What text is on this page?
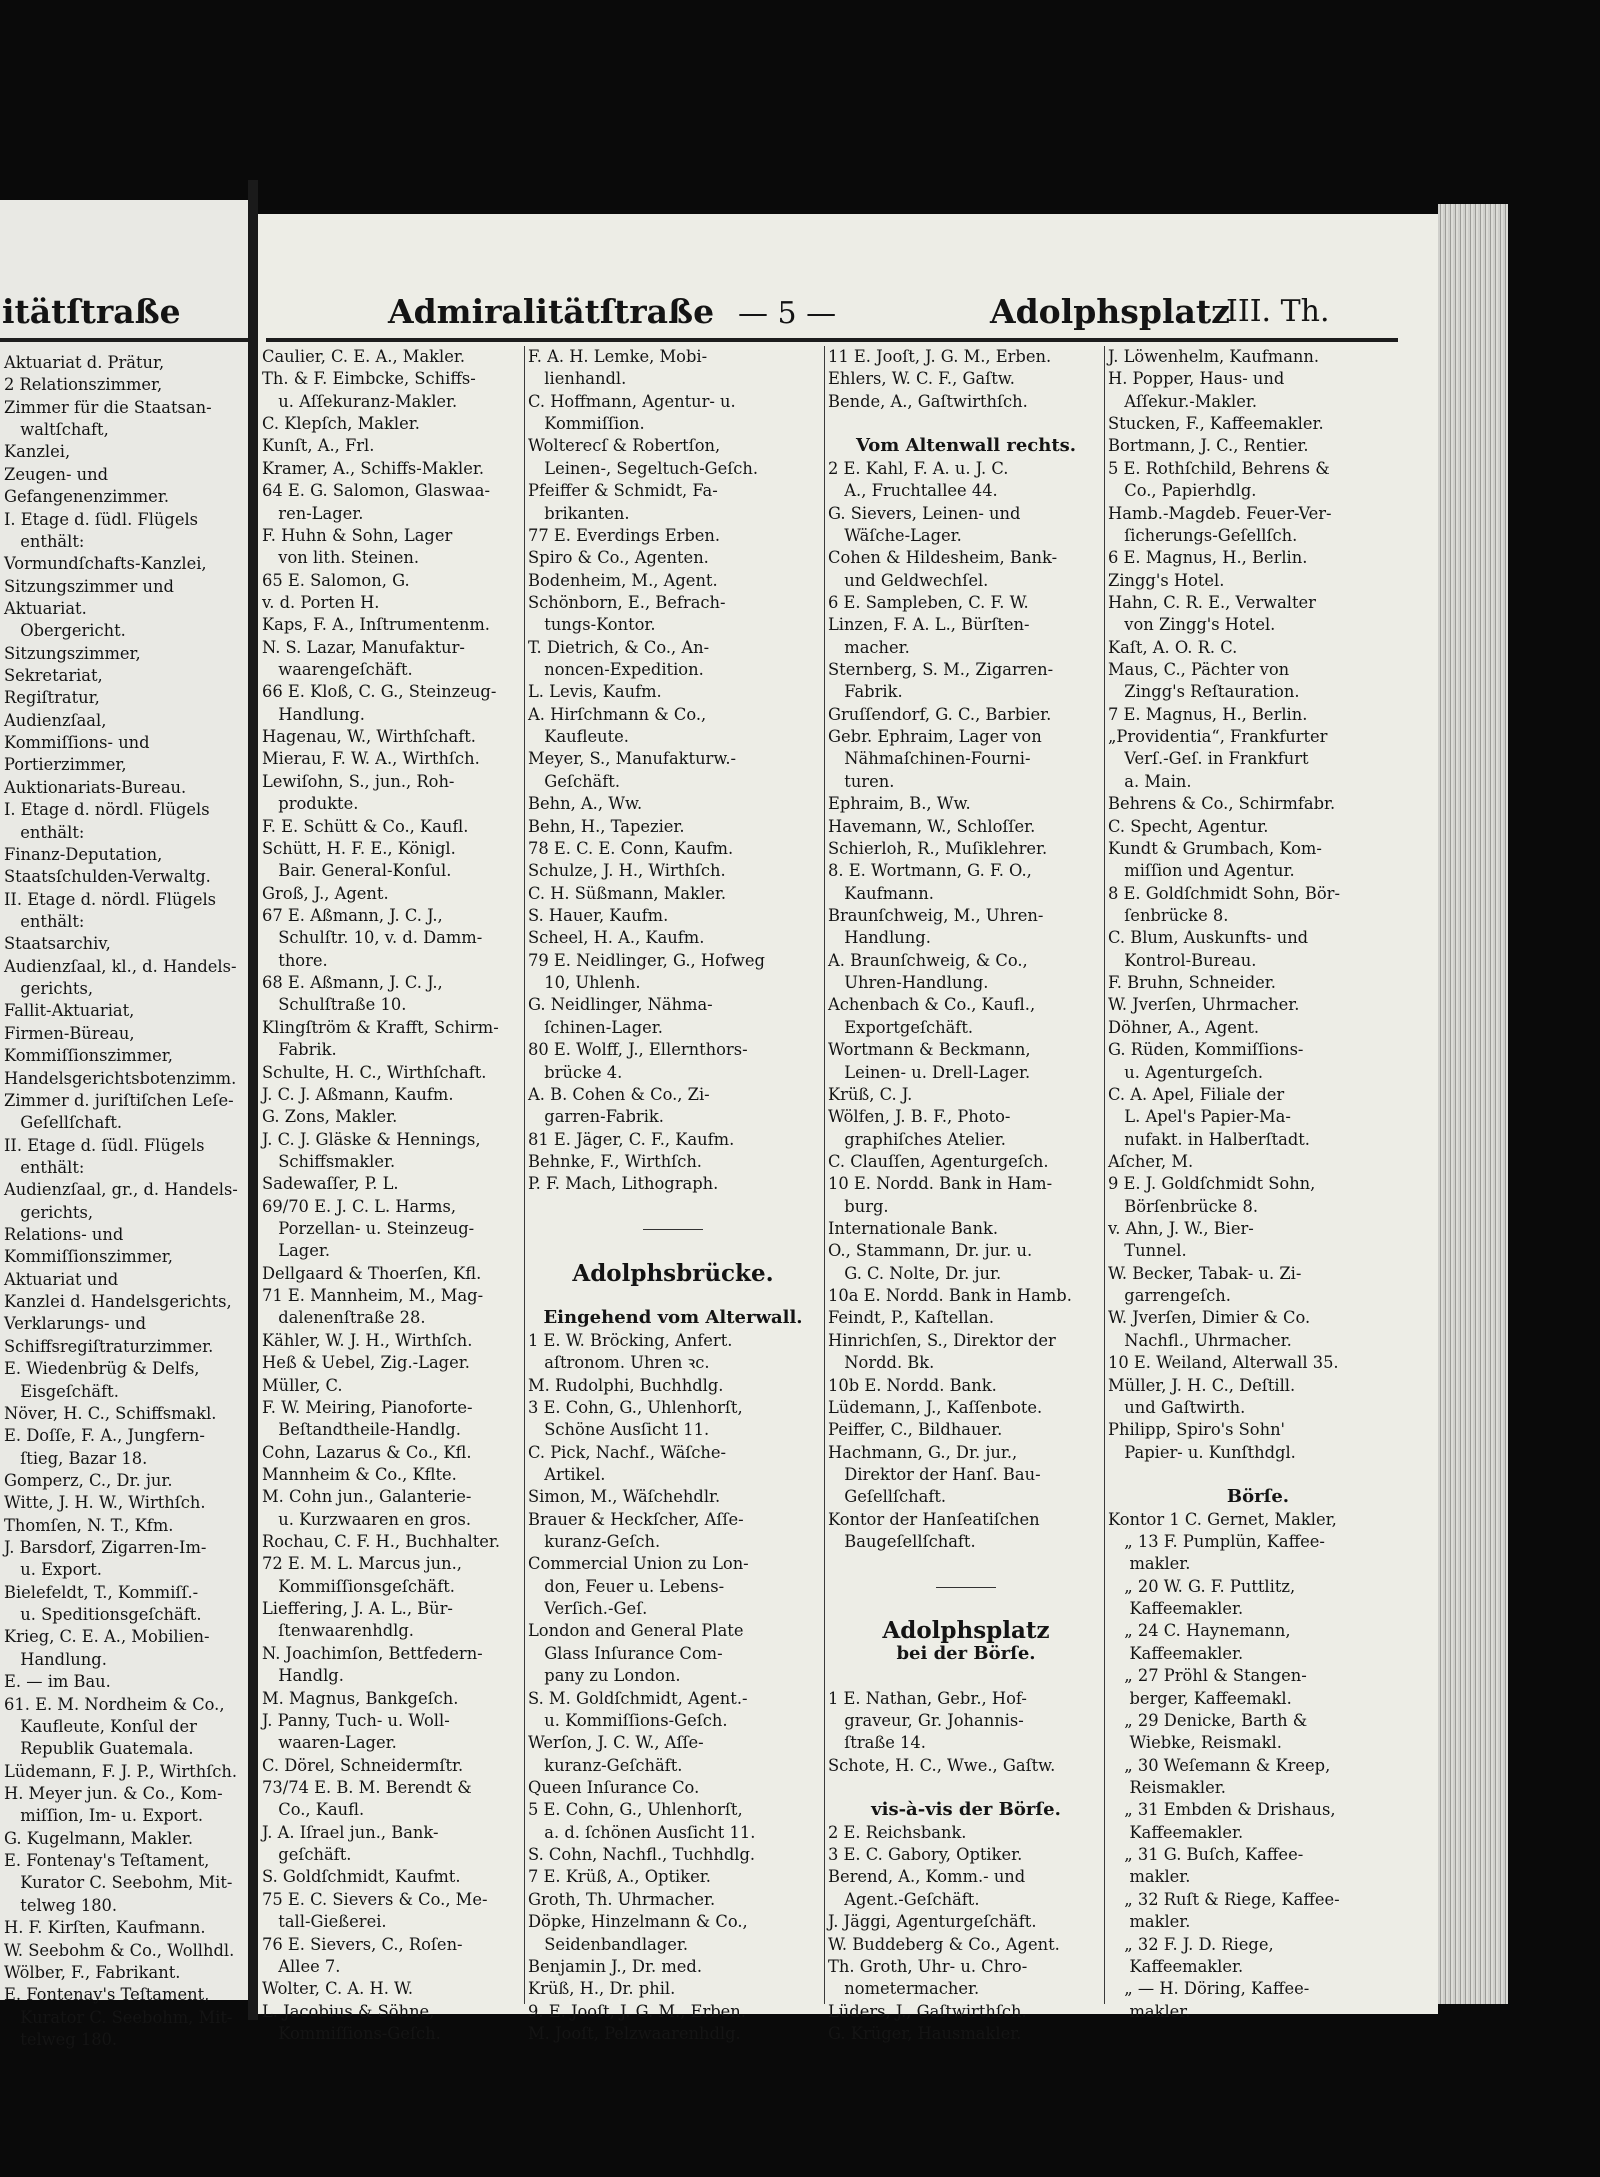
itätſtraße
Aktuariat d. Prätur,
2 Relationszimmer,
Zimmer für die Staatsan-
 waltſchaft,
Kanzlei,
Zeugen- und
Gefangenenzimmer.
I. Etage d. ſüdl. Flügels
 enthält:
Vormundſchafts-Kanzlei,
Sitzungszimmer und
Aktuariat.
 Obergericht.
Sitzungszimmer,
Sekretariat,
Regiſtratur,
Audienzſaal,
Kommiſſions- und
Portierzimmer,
Auktionariats-Bureau.
I. Etage d. nördl. Flügels
 enthält:
Finanz-Deputation,
Staatsſchulden-Verwaltg.
II. Etage d. nördl. Flügels
 enthält:
Staatsarchiv,
Audienzſaal, kl., d. Handels-
 gerichts,
Fallit-Aktuariat,
Firmen-Büreau,
Kommiſſionszimmer,
Handelsgerichtsbotenzimm.
Zimmer d. juriſtiſchen Leſe-
 Geſellſchaft.
II. Etage d. ſüdl. Flügels
 enthält:
Audienzſaal, gr., d. Handels-
 gerichts,
Relations- und
Kommiſſionszimmer,
Aktuariat und
Kanzlei d. Handelsgerichts,
Verklarungs- und
Schiffsregiſtraturzimmer.
E. Wiedenbrüg & Delfs,
 Eisgeſchäft.
Növer, H. C., Schiffsmakl.
E. Doſſe, F. A., Jungfern-
 ſtieg, Bazar 18.
Gomperz, C., Dr. jur.
Witte, J. H. W., Wirthſch.
Thomſen, N. T., Kfm.
J. Barsdorf, Zigarren-Im-
 u. Export.
Bielefeldt, T., Kommiſſ.-
 u. Speditionsgeſchäft.
Krieg, C. E. A., Mobilien-
 Handlung.
E. — im Bau.
61. E. M. Nordheim & Co.,
 Kaufleute, Konſul der
 Republik Guatemala.
Lüdemann, F. J. P., Wirthſch.
H. Meyer jun. & Co., Kom-
 miſſion, Im- u. Export.
G. Kugelmann, Makler.
E. Fontenay's Teſtament,
 Kurator C. Seebohm, Mit-
 telweg 180.
H. F. Kirſten, Kaufmann.
W. Seebohm & Co., Wollhdl.
Wölber, F., Fabrikant.
E. Fontenay's Teſtament,
 Kurator C. Seebohm, Mit-
 telweg 180.
Admiralitätſtraße — 5 —	Adolphsplatz
III. Th.
Caulier, C. E. A., Makler.
Th. & F. Eimbcke, Schiffs-
 u. Aſſekuranz-Makler.
C. Klepſch, Makler.
Kunſt, A., Frl.
Kramer, A., Schiffs-Makler.
64 E. G. Salomon, Glaswaa-
 ren-Lager.
F. Huhn & Sohn, Lager
 von lith. Steinen.
65 E. Salomon, G.
v. d. Porten H.
Kaps, F. A., Inſtrumentenm.
N. S. Lazar, Manufaktur-
 waarengeſchäft.
66 E. Kloß, C. G., Steinzeug-
 Handlung.
Hagenau, W., Wirthſchaft.
Mierau, F. W. A., Wirthſch.
Lewiſohn, S., jun., Roh-
 produkte.
F. E. Schütt & Co., Kaufl.
Schütt, H. F. E., Königl.
 Bair. General-Konſul.
Groß, J., Agent.
67 E. Aßmann, J. C. J.,
 Schulſtr. 10, v. d. Damm-
 thore.
68 E. Aßmann, J. C. J.,
 Schulſtraße 10.
Klingſtröm & Krafft, Schirm-
 Fabrik.
Schulte, H. C., Wirthſchaft.
J. C. J. Aßmann, Kaufm.
G. Zons, Makler.
J. C. J. Gläske & Hennings,
 Schiffsmakler.
Sadewaſſer, P. L.
69/70 E. J. C. L. Harms,
 Porzellan- u. Steinzeug-
 Lager.
Dellgaard & Thoerſen, Kfl.
71 E. Mannheim, M., Mag-
 dalenenſtraße 28.
Kähler, W. J. H., Wirthſch.
Heß & Uebel, Zig.-Lager.
Müller, C.
F. W. Meiring, Pianoforte-
 Beſtandtheile-Handlg.
Cohn, Lazarus & Co., Kfl.
Mannheim & Co., Kflte.
M. Cohn jun., Galanterie-
 u. Kurzwaaren en gros.
Rochau, C. F. H., Buchhalter.
72 E. M. L. Marcus jun.,
 Kommiſſionsgeſchäft.
Lieffering, J. A. L., Bür-
 ſtenwaarenhdlg.
N. Joachimſon, Bettfedern-
 Handlg.
M. Magnus, Bankgeſch.
J. Panny, Tuch- u. Woll-
 waaren-Lager.
C. Dörel, Schneidermſtr.
73/74 E. B. M. Berendt &
 Co., Kaufl.
J. A. Iſrael jun., Bank-
 geſchäft.
S. Goldſchmidt, Kaufmt.
75 E. C. Sievers & Co., Me-
 tall-Gießerei.
76 E. Sievers, C., Roſen-
 Allee 7.
Wolter, C. A. H. W.
L. Jacobius & Söhne,
 Kommiſſions-Geſch.
F. A. H. Lemke, Mobi-
 lienhandl.
C. Hoffmann, Agentur- u.
 Kommiſſion.
Wolterecſ & Robertſon,
 Leinen-, Segeltuch-Geſch.
Pfeiffer & Schmidt, Fa-
 brikanten.
77 E. Everdings Erben.
Spiro & Co., Agenten.
Bodenheim, M., Agent.
Schönborn, E., Befrach-
 tungs-Kontor.
T. Dietrich, & Co., An-
 noncen-Expedition.
L. Levis, Kaufm.
A. Hirſchmann & Co.,
 Kaufleute.
Meyer, S., Manufakturw.-
 Geſchäft.
Behn, A., Ww.
Behn, H., Tapezier.
78 E. C. E. Conn, Kaufm.
Schulze, J. H., Wirthſch.
C. H. Süßmann, Makler.
S. Hauer, Kaufm.
Scheel, H. A., Kaufm.
79 E. Neidlinger, G., Hofweg
 10, Uhlenh.
G. Neidlinger, Nähma-
 ſchinen-Lager.
80 E. Wolff, J., Ellernthors-
 brücke 4.
A. B. Cohen & Co., Zi-
 garren-Fabrik.
81 E. Jäger, C. F., Kaufm.
Behnke, F., Wirthſch.
P. F. Mach, Lithograph.
Adolphsbrücke.
Eingehend vom Alterwall.
1 E. W. Bröcking, Anfert.
 aſtronom. Uhren ꝛc.
M. Rudolphi, Buchhdlg.
3 E. Cohn, G., Uhlenhorſt,
 Schöne Ausſicht 11.
C. Pick, Nachf., Wäſche-
 Artikel.
Simon, M., Wäſchehdlr.
Brauer & Heckſcher, Aſſe-
 kuranz-Geſch.
Commercial Union zu Lon-
 don, Feuer u. Lebens-
 Verſich.-Geſ.
London and General Plate
 Glass Inſurance Com-
 pany zu London.
S. M. Goldſchmidt, Agent.-
 u. Kommiſſions-Geſch.
Werſon, J. C. W., Aſſe-
 kuranz-Geſchäft.
Queen Inſurance Co.
5 E. Cohn, G., Uhlenhorſt,
 a. d. ſchönen Ausſicht 11.
S. Cohn, Nachfl., Tuchhdlg.
7 E. Krüß, A., Optiker.
Groth, Th. Uhrmacher.
Döpke, Hinzelmann & Co.,
 Seidenbandlager.
Benjamin J., Dr. med.
Krüß, H., Dr. phil.
9. E. Jooſt, J. G. M., Erben.
M. Jooſt, Pelzwaarenhdlg.
11 E. Jooſt, J. G. M., Erben.
Ehlers, W. C. F., Gaſtw.
Bende, A., Gaſtwirthſch.
Vom Altenwall rechts.
2 E. Kahl, F. A. u. J. C.
 A., Fruchtallee 44.
G. Sievers, Leinen- und
 Wäſche-Lager.
Cohen & Hildesheim, Bank-
 und Geldwechſel.
6 E. Sampleben, C. F. W.
Linzen, F. A. L., Bürſten-
 macher.
Sternberg, S. M., Zigarren-
 Fabrik.
Gruſſendorf, G. C., Barbier.
Gebr. Ephraim, Lager von
 Nähmaſchinen-Fourni-
 turen.
Ephraim, B., Ww.
Havemann, W., Schloſſer.
Schierloh, R., Muſiklehrer.
8. E. Wortmann, G. F. O.,
 Kaufmann.
Braunſchweig, M., Uhren-
 Handlung.
A. Braunſchweig, & Co.,
 Uhren-Handlung.
Achenbach & Co., Kaufl.,
 Exportgeſchäft.
Wortmann & Beckmann,
 Leinen- u. Drell-Lager.
Krüß, C. J.
Wölfen, J. B. F., Photo-
 graphiſches Atelier.
C. Clauſſen, Agenturgeſch.
10 E. Nordd. Bank in Ham-
 burg.
Internationale Bank.
O., Stammann, Dr. jur. u.
 G. C. Nolte, Dr. jur.
10a E. Nordd. Bank in Hamb.
Feindt, P., Kaſtellan.
Hinrichſen, S., Direktor der
 Nordd. Bk.
10b E. Nordd. Bank.
Lüdemann, J., Kaſſenbote.
Peiffer, C., Bildhauer.
Hachmann, G., Dr. jur.,
 Direktor der Hanſ. Bau-
 Geſellſchaft.
Kontor der Hanſeatiſchen
 Baugeſellſchaft.
Adolphsplatz
bei der Börſe.
1 E. Nathan, Gebr., Hof-
 graveur, Gr. Johannis-
 ſtraße 14.
Schote, H. C., Wwe., Gaſtw.
vis-à-vis der Börſe.
2 E. Reichsbank.
3 E. C. Gabory, Optiker.
Berend, A., Komm.- und
 Agent.-Geſchäft.
J. Jäggi, Agenturgeſchäft.
W. Buddeberg & Co., Agent.
Th. Groth, Uhr- u. Chro-
 nometermacher.
Lüders, J., Gaſtwirthſch.
G. Krüger, Hausmakler.
J. Löwenhelm, Kaufmann.
H. Popper, Haus- und
 Aſſekur.-Makler.
Stucken, F., Kaffeemakler.
Bortmann, J. C., Rentier.
5 E. Rothſchild, Behrens &
 Co., Papierhdlg.
Hamb.-Magdeb. Feuer-Ver-
 ſicherungs-Geſellſch.
6 E. Magnus, H., Berlin.
Zingg's Hotel.
Hahn, C. R. E., Verwalter
 von Zingg's Hotel.
Kaſt, A. O. R. C.
Maus, C., Pächter von
 Zingg's Reſtauration.
7 E. Magnus, H., Berlin.
„Providentia“, Frankfurter
 Verſ.-Geſ. in Frankfurt
 a. Main.
Behrens & Co., Schirmfabr.
C. Specht, Agentur.
Kundt & Grumbach, Kom-
 miſſion und Agentur.
8 E. Goldſchmidt Sohn, Bör-
 ſenbrücke 8.
C. Blum, Auskunfts- und
 Kontrol-Bureau.
F. Bruhn, Schneider.
W. Jverſen, Uhrmacher.
Döhner, A., Agent.
G. Rüden, Kommiſſions-
 u. Agenturgeſch.
C. A. Apel, Filiale der
 L. Apel's Papier-Ma-
 nufakt. in Halberſtadt.
Aſcher, M.
9 E. J. Goldſchmidt Sohn,
 Börſenbrücke 8.
v. Ahn, J. W., Bier-
 Tunnel.
W. Becker, Tabak- u. Zi-
 garrengeſch.
W. Jverſen, Dimier & Co.
 Nachfl., Uhrmacher.
10 E. Weiland, Alterwall 35.
Müller, J. H. C., Deſtill.
 und Gaſtwirth.
Philipp, Spiro's Sohn'
 Papier- u. Kunſthdgl.
Börſe.
Kontor 1 C. Gernet, Makler,
 „ 13 F. Pumplün, Kaffee-
  makler.
 „ 20 W. G. F. Puttlitz,
  Kaffeemakler.
 „ 24 C. Haynemann,
  Kaffeemakler.
 „ 27 Pröhl & Stangen-
  berger, Kaffeemakl.
 „ 29 Denicke, Barth &
  Wiebke, Reismakl.
 „ 30 Weſemann & Kreep,
  Reismakler.
 „ 31 Embden & Drishaus,
  Kaffeemakler.
 „ 31 G. Buſch, Kaffee-
  makler.
 „ 32 Ruſt & Riege, Kaffee-
  makler.
 „ 32 F. J. D. Riege,
  Kaffeemakler.
 „ — H. Döring, Kaffee-
  makler.
